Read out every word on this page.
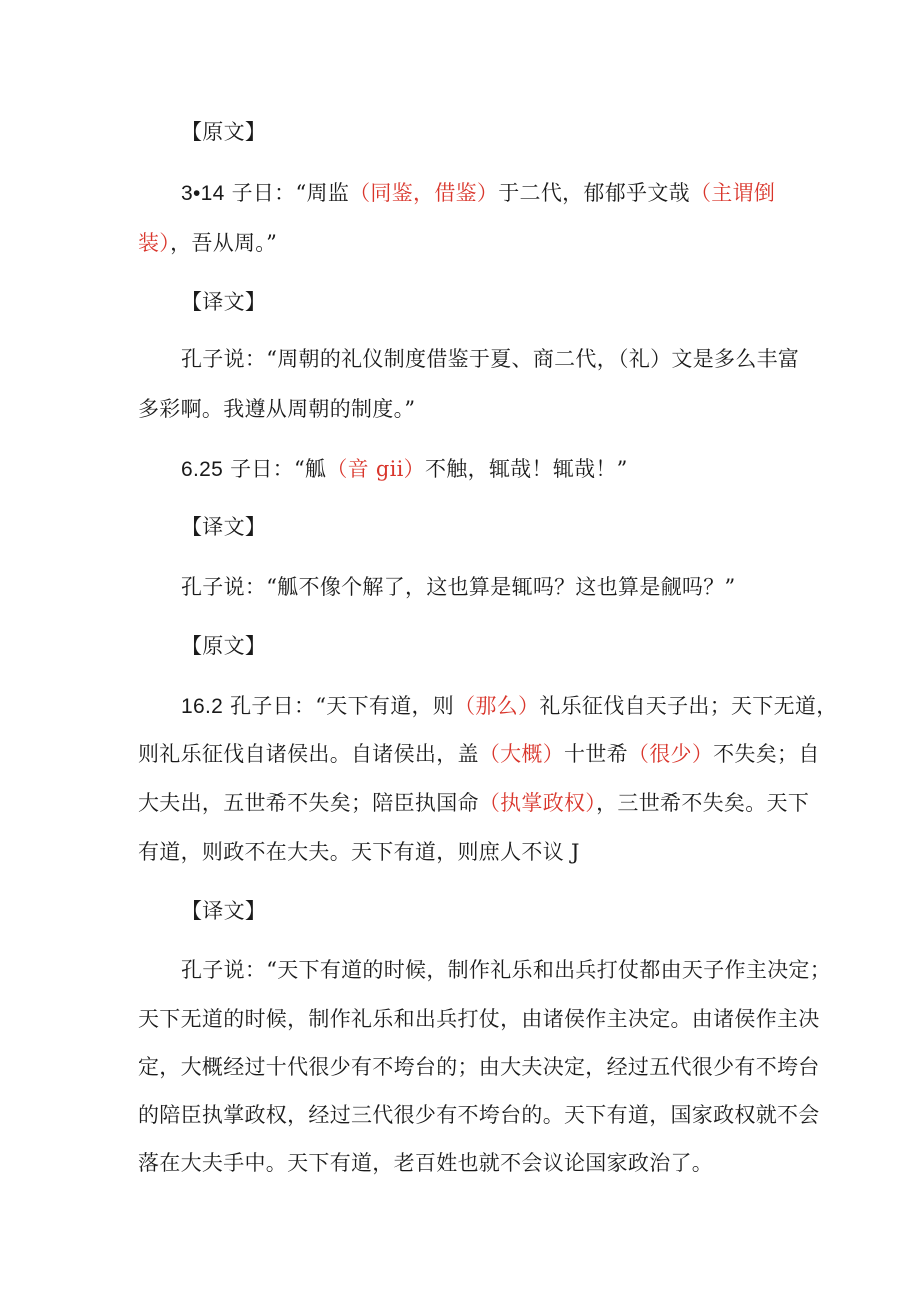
【原文】
3•14 子日：“周监（同鉴，借鉴）于二代，郁郁乎文哉（主谓倒
装），吾从周。”
【译文】
孔子说：“周朝的礼仪制度借鉴于夏、商二代，（礼）文是多么丰富
多彩啊。我遵从周朝的制度。”
6.25 子日：“觚（音 gii）不触，辄哉！辄哉！”
【译文】
孔子说：“觚不像个解了，这也算是辄吗？这也算是觎吗？”
【原文】
16.2 孔子日：“天下有道，则（那么）礼乐征伐自天子出；天下无道，
则礼乐征伐自诸侯出。自诸侯出，盖（大概）十世希（很少）不失矣；自
大夫出，五世希不失矣；陪臣执国命（执掌政权），三世希不失矣。天下
有道，则政不在大夫。天下有道，则庶人不议 J
【译文】
孔子说：“天下有道的时候，制作礼乐和出兵打仗都由天子作主决定；
天下无道的时候，制作礼乐和出兵打仗，由诸侯作主决定。由诸侯作主决
定，大概经过十代很少有不垮台的；由大夫决定，经过五代很少有不垮台
的陪臣执掌政权，经过三代很少有不垮台的。天下有道，国家政权就不会
落在大夫手中。天下有道，老百姓也就不会议论国家政治了。
